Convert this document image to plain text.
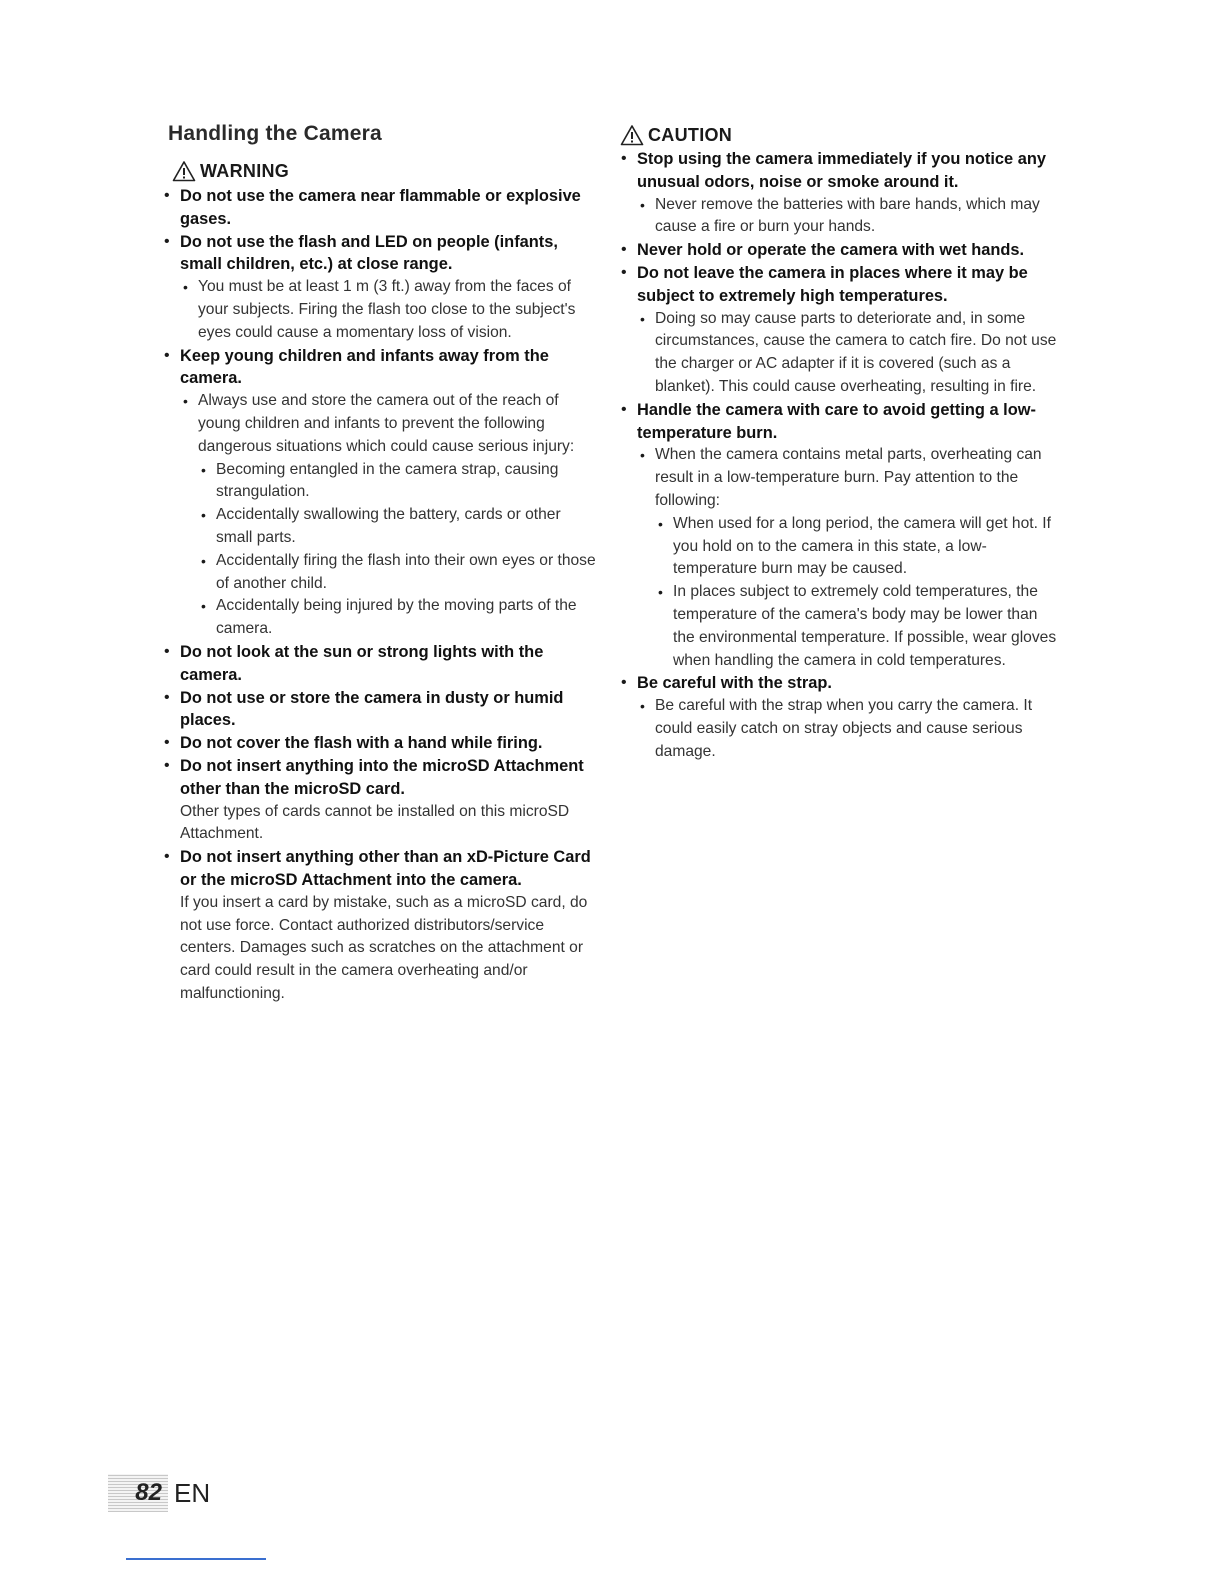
Handling the Camera
WARNING
• Do not use the camera near flammable or explosive gases.
• Do not use the flash and LED on people (infants, small children, etc.) at close range.
• You must be at least 1 m (3 ft.) away from the faces of your subjects. Firing the flash too close to the subject's eyes could cause a momentary loss of vision.
• Keep young children and infants away from the camera.
• Always use and store the camera out of the reach of young children and infants to prevent the following dangerous situations which could cause serious injury:
• Becoming entangled in the camera strap, causing strangulation.
• Accidentally swallowing the battery, cards or other small parts.
• Accidentally firing the flash into their own eyes or those of another child.
• Accidentally being injured by the moving parts of the camera.
• Do not look at the sun or strong lights with the camera.
• Do not use or store the camera in dusty or humid places.
• Do not cover the flash with a hand while firing.
• Do not insert anything into the microSD Attachment other than the microSD card.
Other types of cards cannot be installed on this microSD Attachment.
• Do not insert anything other than an xD-Picture Card or the microSD Attachment into the camera.
If you insert a card by mistake, such as a microSD card, do not use force. Contact authorized distributors/service centers. Damages such as scratches on the attachment or card could result in the camera overheating and/or malfunctioning.
CAUTION
• Stop using the camera immediately if you notice any unusual odors, noise or smoke around it.
• Never remove the batteries with bare hands, which may cause a fire or burn your hands.
• Never hold or operate the camera with wet hands.
• Do not leave the camera in places where it may be subject to extremely high temperatures.
• Doing so may cause parts to deteriorate and, in some circumstances, cause the camera to catch fire. Do not use the charger or AC adapter if it is covered (such as a blanket). This could cause overheating, resulting in fire.
• Handle the camera with care to avoid getting a low-temperature burn.
• When the camera contains metal parts, overheating can result in a low-temperature burn. Pay attention to the following:
• When used for a long period, the camera will get hot. If you hold on to the camera in this state, a low-temperature burn may be caused.
• In places subject to extremely cold temperatures, the temperature of the camera's body may be lower than the environmental temperature. If possible, wear gloves when handling the camera in cold temperatures.
• Be careful with the strap.
• Be careful with the strap when you carry the camera. It could easily catch on stray objects and cause serious damage.
82 EN
